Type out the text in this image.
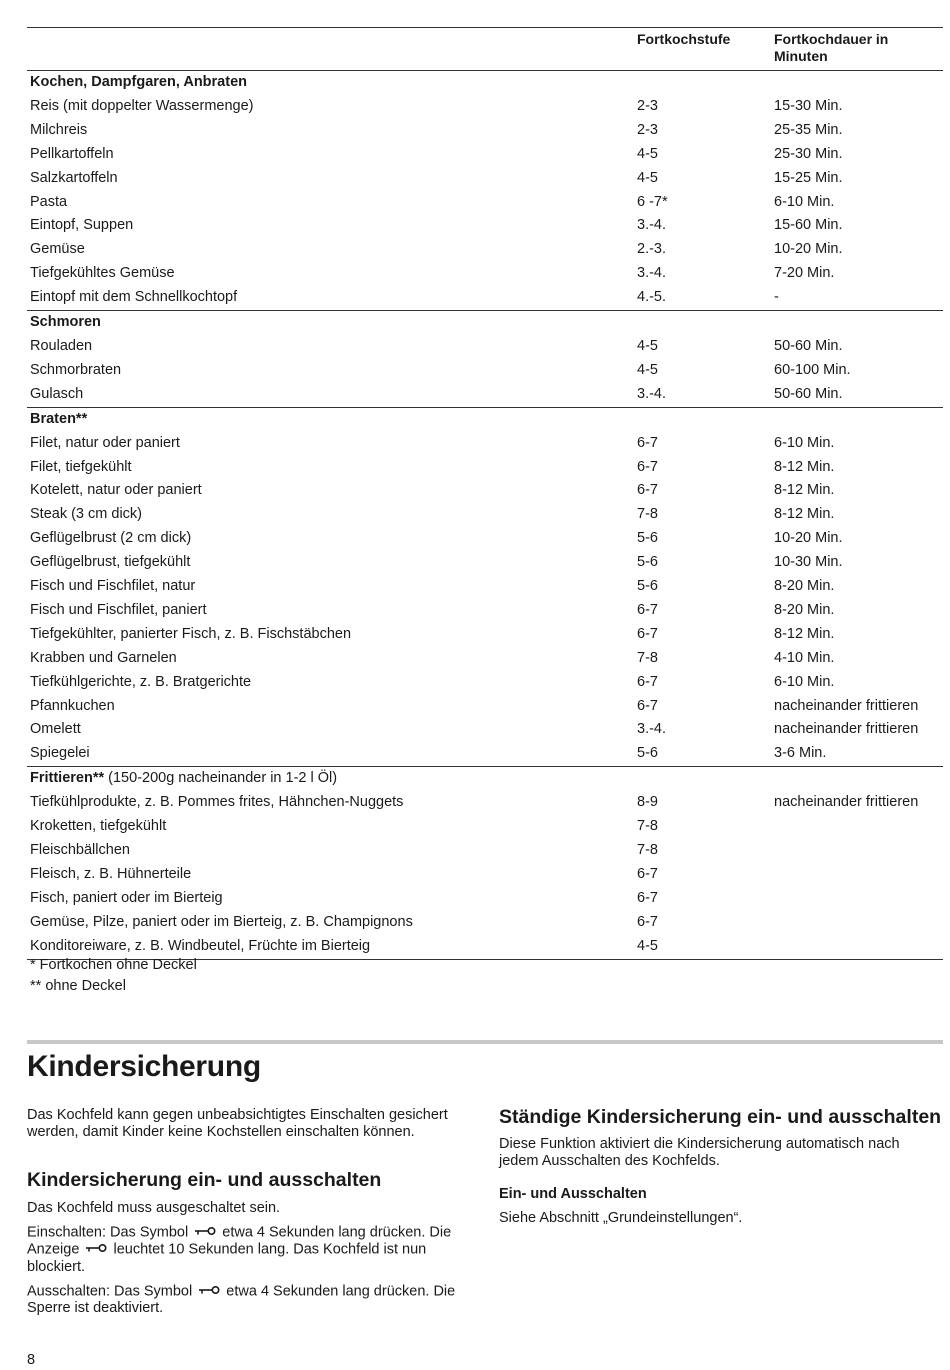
	Fortkochstufe	Fortkochdauer in Minuten
Kochen, Dampfgaren, Anbraten		
Reis (mit doppelter Wassermenge)	2-3	15-30 Min.
Milchreis	2-3	25-35 Min.
Pellkartoffeln	4-5	25-30 Min.
Salzkartoffeln	4-5	15-25 Min.
Pasta	6 -7*	6-10 Min.
Eintopf, Suppen	3.-4.	15-60 Min.
Gemüse	2.-3.	10-20 Min.
Tiefgekühltes Gemüse	3.-4.	7-20 Min.
Eintopf mit dem Schnellkochtopf	4.-5.	-
Schmoren		
Rouladen	4-5	50-60 Min.
Schmorbraten	4-5	60-100 Min.
Gulasch	3.-4.	50-60 Min.
Braten**		
Filet, natur oder paniert	6-7	6-10 Min.
Filet, tiefgekühlt	6-7	8-12 Min.
Kotelett, natur oder paniert	6-7	8-12 Min.
Steak (3 cm dick)	7-8	8-12 Min.
Geflügelbrust (2 cm dick)	5-6	10-20 Min.
Geflügelbrust, tiefgekühlt	5-6	10-30 Min.
Fisch und Fischfilet, natur	5-6	8-20 Min.
Fisch und Fischfilet, paniert	6-7	8-20 Min.
Tiefgekühlter, panierter Fisch, z. B. Fischstäbchen	6-7	8-12 Min.
Krabben und Garnelen	7-8	4-10 Min.
Tiefkühlgerichte, z. B. Bratgerichte	6-7	6-10 Min.
Pfannkuchen	6-7	nacheinander frittieren
Omelett	3.-4.	nacheinander frittieren
Spiegelei	5-6	3-6 Min.
Frittieren** (150-200g nacheinander in 1-2 l Öl)		
Tiefkühlprodukte, z. B. Pommes frites, Hähnchen-Nuggets	8-9	nacheinander frittieren
Kroketten, tiefgekühlt	7-8	
Fleischbällchen	7-8	
Fleisch, z. B. Hühnerteile	6-7	
Fisch, paniert oder im Bierteig	6-7	
Gemüse, Pilze, paniert oder im Bierteig, z. B. Champignons	6-7	
Konditoreiware, z. B. Windbeutel, Früchte im Bierteig	4-5	
* Fortkochen ohne Deckel
** ohne Deckel
Kindersicherung

Das Kochfeld kann gegen unbeabsichtigtes Einschalten gesichert werden, damit Kinder keine Kochstellen einschalten können.

Kindersicherung ein- und ausschalten

Das Kochfeld muss ausgeschaltet sein.

Einschalten: Das Symbol etwa 4 Sekunden lang drücken. Die Anzeige leuchtet 10 Sekunden lang. Das Kochfeld ist nun blockiert.

Ausschalten: Das Symbol etwa 4 Sekunden lang drücken. Die Sperre ist deaktiviert.

Ständige Kindersicherung ein- und ausschalten

Diese Funktion aktiviert die Kindersicherung automatisch nach jedem Ausschalten des Kochfelds.

Ein- und Ausschalten

Siehe Abschnitt „Grundeinstellungen“.

8
